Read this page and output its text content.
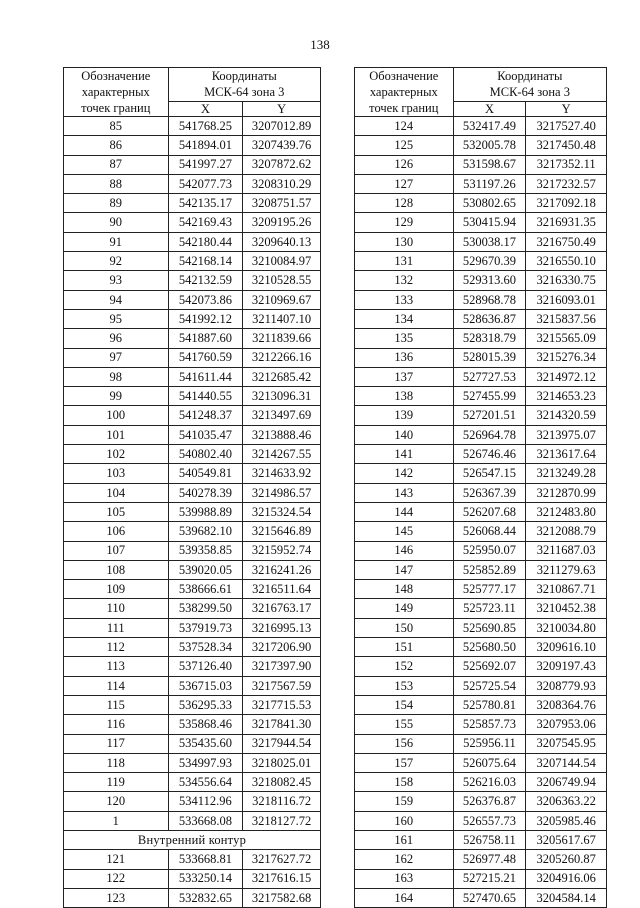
138
Обозначение
характерных
точек границ	Координаты
МСК-64 зона 3	
	X	Y
85	541768.25	3207012.89
86	541894.01	3207439.76
87	541997.27	3207872.62
88	542077.73	3208310.29
89	542135.17	3208751.57
90	542169.43	3209195.26
91	542180.44	3209640.13
92	542168.14	3210084.97
93	542132.59	3210528.55
94	542073.86	3210969.67
95	541992.12	3211407.10
96	541887.60	3211839.66
97	541760.59	3212266.16
98	541611.44	3212685.42
99	541440.55	3213096.31
100	541248.37	3213497.69
101	541035.47	3213888.46
102	540802.40	3214267.55
103	540549.81	3214633.92
104	540278.39	3214986.57
105	539988.89	3215324.54
106	539682.10	3215646.89
107	539358.85	3215952.74
108	539020.05	3216241.26
109	538666.61	3216511.64
110	538299.50	3216763.17
111	537919.73	3216995.13
112	537528.34	3217206.90
113	537126.40	3217397.90
114	536715.03	3217567.59
115	536295.33	3217715.53
116	535868.46	3217841.30
117	535435.60	3217944.54
118	534997.93	3218025.01
119	534556.64	3218082.45
120	534112.96	3218116.72
1	533668.08	3218127.72
Внутренний контур		
121	533668.81	3217627.72
122	533250.14	3217616.15
123	532832.65	3217582.68
Обозначение
характерных
точек границ	Координаты
МСК-64 зона 3	
	X	Y
124	532417.49	3217527.40
125	532005.78	3217450.48
126	531598.67	3217352.11
127	531197.26	3217232.57
128	530802.65	3217092.18
129	530415.94	3216931.35
130	530038.17	3216750.49
131	529670.39	3216550.10
132	529313.60	3216330.75
133	528968.78	3216093.01
134	528636.87	3215837.56
135	528318.79	3215565.09
136	528015.39	3215276.34
137	527727.53	3214972.12
138	527455.99	3214653.23
139	527201.51	3214320.59
140	526964.78	3213975.07
141	526746.46	3213617.64
142	526547.15	3213249.28
143	526367.39	3212870.99
144	526207.68	3212483.80
145	526068.44	3212088.79
146	525950.07	3211687.03
147	525852.89	3211279.63
148	525777.17	3210867.71
149	525723.11	3210452.38
150	525690.85	3210034.80
151	525680.50	3209616.10
152	525692.07	3209197.43
153	525725.54	3208779.93
154	525780.81	3208364.76
155	525857.73	3207953.06
156	525956.11	3207545.95
157	526075.64	3207144.54
158	526216.03	3206749.94
159	526376.87	3206363.22
160	526557.73	3205985.46
161	526758.11	3205617.67
162	526977.48	3205260.87
163	527215.21	3204916.06
164	527470.65	3204584.14
